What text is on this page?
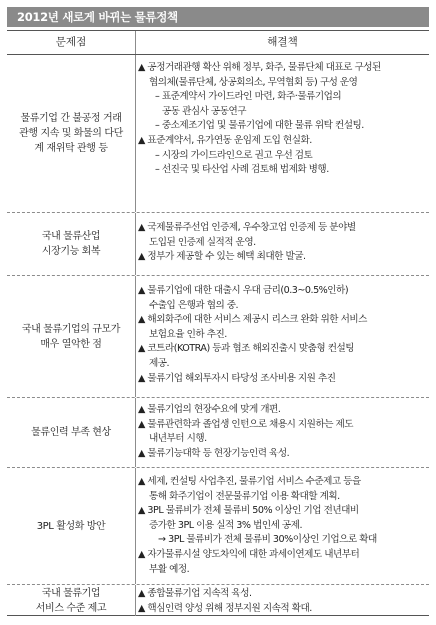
2012년 새로게 바뀌는 물류정책
문제점	해결책
물류기업 간 불공정 거래
관행 지속 및 화물의 다단
계 재위탁 관행 등
▲ 공정거래관행 확산 위해 정부, 화주, 물류단체 대표로 구성된
협의체(물류단체, 상공회의소, 무역협회 등) 구성 운영
– 표준계약서 가이드라인 마련, 화주·물류기업의
공동 관심사 공동연구
– 중소제조기업 및 물류기업에 대한 물류 위탁 컨설팅.
▲ 표준계약서, 유가연동 운임제 도입 현실화.
– 시장의 가이드라인으로 권고 우선 검토
– 선진국 및 타산업 사례 검토해 법제화 병행.
국내 물류산업
시장기능 회복
▲ 국제물류주선업 인증제, 우수창고업 인증제 등 분야별
도입된 인증제 실적적 운영.
▲ 정부가 제공할 수 있는 혜택 최대한 발굴.
국내 물류기업의 규모가
매우 열악한 점
▲ 물류기업에 대한 대출시 우대 금리(0.3~0.5%인하)
수출입 은행과 협의 중.
▲ 해외화주에 대한 서비스 제공시 리스크 완화 위한 서비스
보험요율 인하 추진.
▲ 코트라(KOTRA) 등과 협조 해외진출시 맞춤형 컨설팅
제공.
▲ 물류기업 해외투자시 타당성 조사비용 지원 추진
물류인력 부족 현상
▲ 물류기업의 현장수요에 맞게 개편.
▲ 물류관련학과 졸업생 인턴으로 채용시 지원하는 제도
내년부터 시행.
▲ 물류기능대학 등 현장기능인력 육성.
3PL 활성화 방안
▲ 세제, 컨설팅 사업추진, 물류기업 서비스 수준제고 등을
통해 화주기업이 전문물류기업 이용 확대할 계획.
▲ 3PL 물류비가 전체 물류비 50% 이상인 기업 전년대비
증가한 3PL 이용 실적 3% 법인세 공제.
→ 3PL 물류비가 전체 물류비 30%이상인 기업으로 확대
▲ 자가물류시설 양도차익에 대한 과세이연제도 내년부터
부활 예정.
국내 물류기업
서비스 수준 제고
▲ 종합물류기업 지속적 육성.
▲ 핵심인력 양성 위해 정부지원 지속적 확대.
